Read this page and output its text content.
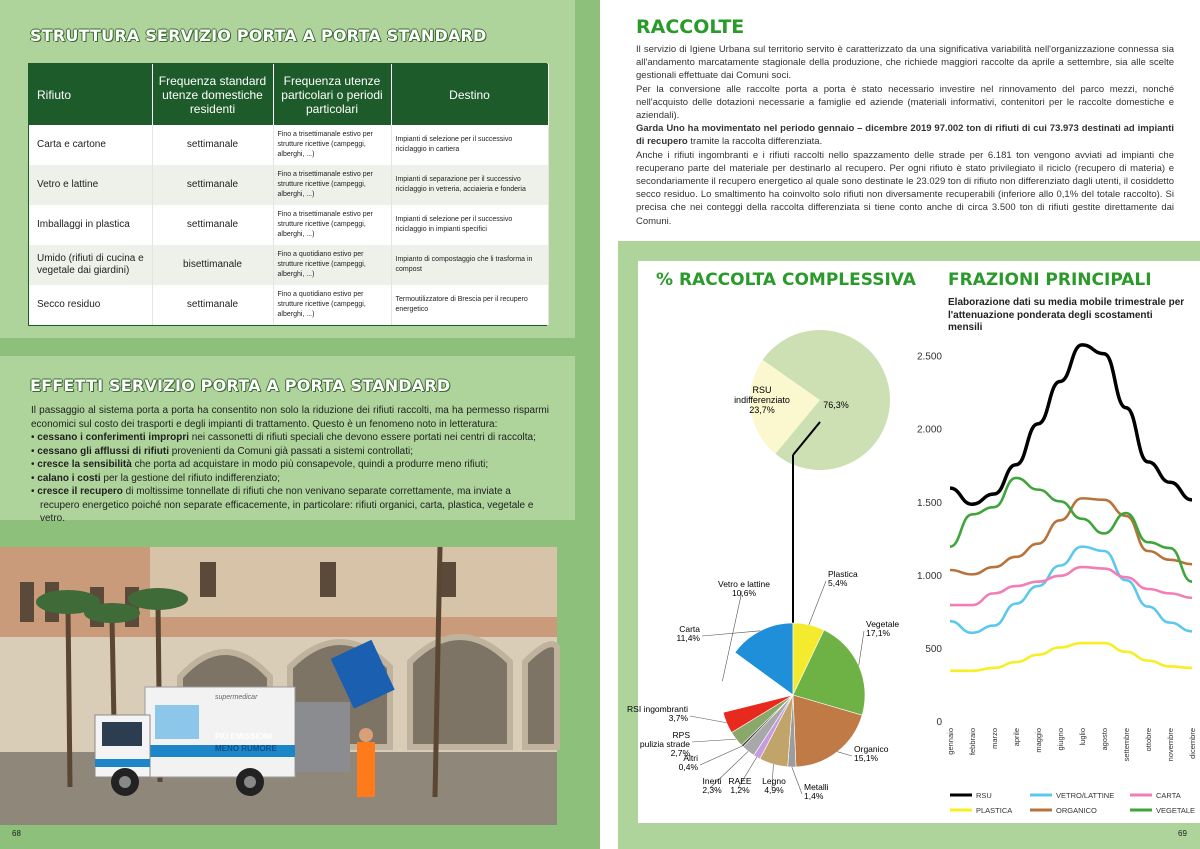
STRUTTURA SERVIZIO PORTA A PORTA STANDARD
Rifiuto	Frequenza standard utenze domestiche residenti	Frequenza utenze particolari o periodi particolari	Destino
Carta e cartone	settimanale	Fino a trisettimanale estivo per strutture ricettive (campeggi, alberghi, ...)	Impianti di selezione per il successivo riciclaggio in cartiera
Vetro e lattine	settimanale	Fino a trisettimanale estivo per strutture ricettive (campeggi, alberghi, ...)	Impianti di separazione per il successivo riciclaggio in vetreria, acciaieria e fonderia
Imballaggi in plastica	settimanale	Fino a trisettimanale estivo per strutture ricettive (campeggi, alberghi, ...)	Impianti di selezione per il successivo riciclaggio in impianti specifici
Umido (rifiuti di cucina e vegetale dai giardini)	bisettimanale	Fino a quotidiano estivo per strutture ricettive (campeggi, alberghi, ...)	Impianto di compostaggio che li trasforma in compost
Secco residuo	settimanale	Fino a quotidiano estivo per strutture ricettive (campeggi, alberghi, ...)	Termoutilizzatore di Brescia per il recupero energetico
EFFETTI SERVIZIO PORTA A PORTA STANDARD

Il passaggio al sistema porta a porta ha consentito non solo la riduzione dei rifiuti raccolti, ma ha permesso risparmi economici sul costo dei trasporti e degli impianti di trattamento. Questo è un fenomeno noto in letteratura:

• cessano i conferimenti impropri nei cassonetti di rifiuti speciali che devono essere portati nei centri di raccolta;
• cessano gli afflussi di rifiuti provenienti da Comuni già passati a sistemi controllati;
• cresce la sensibilità che porta ad acquistare in modo più consapevole, quindi a produrre meno rifiuti;
• calano i costi per la gestione del rifiuto indifferenziato;
• cresce il recupero di moltissime tonnellate di rifiuti che non venivano separate correttamente, ma inviate a recupero energetico poiché non separate efficacemente, in particolare: rifiuti organici, carta, plastica, vegetale e vetro.
supermedicar
PIÙ EMISSIONI
MENO RUMORE
68
RACCOLTE

Il servizio di Igiene Urbana sul territorio servito è caratterizzato da una significativa variabilità nell'organizzazione connessa sia all'andamento marcatamente stagionale della produzione, che richiede maggiori raccolte da aprile a settembre, sia alle scelte gestionali effettuate dai Comuni soci.

Per la conversione alle raccolte porta a porta è stato necessario investire nel rinnovamento del parco mezzi, nonché nell'acquisto delle dotazioni necessarie a famiglie ed aziende (materiali informativi, contenitori per le raccolte domestiche e aziendali).

Garda Uno ha movimentato nel periodo gennaio – dicembre 2019 97.002 ton di rifiuti di cui 73.973 destinati ad impianti di recupero tramite la raccolta differenziata.

Anche i rifiuti ingombranti e i rifiuti raccolti nello spazzamento delle strade per 6.181 ton vengono avviati ad impianti che recuperano parte del materiale per destinarlo al recupero. Per ogni rifiuto è stato privilegiato il riciclo (recupero di materia) e secondariamente il recupero energetico al quale sono destinate le 23.029 ton di rifiuto non differenziato dagli utenti, il cosiddetto secco residuo. Lo smaltimento ha coinvolto solo rifiuti non diversamente recuperabili (inferiore allo 0,1% del totale raccolto). Si precisa che nei conteggi della raccolta differenziata si tiene conto anche di circa 3.500 ton di rifiuti gestite direttamente dai Comuni.

69
% RACCOLTA COMPLESSIVA FRAZIONI PRINCIPALI
Elaborazione dati su media mobile trimestrale per l'attenuazione ponderata degli scostamenti mensili
RSU indifferenziato 23,7%	76,3%
Carta 11,4%
Plastica 5,4%
Vegetale 17,1%
Organico 15,1%
Metalli 1,4%
Legno 4,9%
RAEE 1,2%
Inerti 2,3%
Altri 0,4%
RPS pulizia strade 2,7%
RSI ingombranti 3,7%
Vetro e lattine 10,6%
0
500
1.000
1.500
2.000
2.500
gennaio febbraio marzo aprile maggio giugno luglio agosto settembre ottobre novembre dicembre
RSU	VETRO/LATTINE	CARTA
PLASTICA	ORGANICO	VEGETALE
